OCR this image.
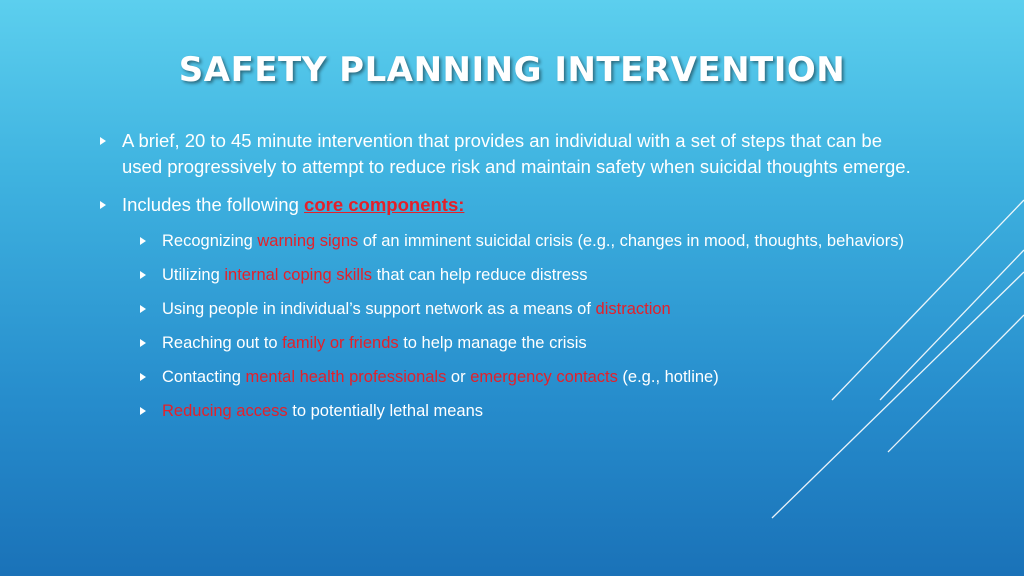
SAFETY PLANNING INTERVENTION
A brief, 20 to 45 minute intervention that provides an individual with a set of steps that can be used progressively to attempt to reduce risk and maintain safety when suicidal thoughts emerge.
Includes the following core components:
Recognizing warning signs of an imminent suicidal crisis (e.g., changes in mood, thoughts, behaviors)
Utilizing internal coping skills that can help reduce distress
Using people in individual’s support network as a means of distraction
Reaching out to family or friends to help manage the crisis
Contacting mental health professionals or emergency contacts (e.g., hotline)
Reducing access to potentially lethal means
